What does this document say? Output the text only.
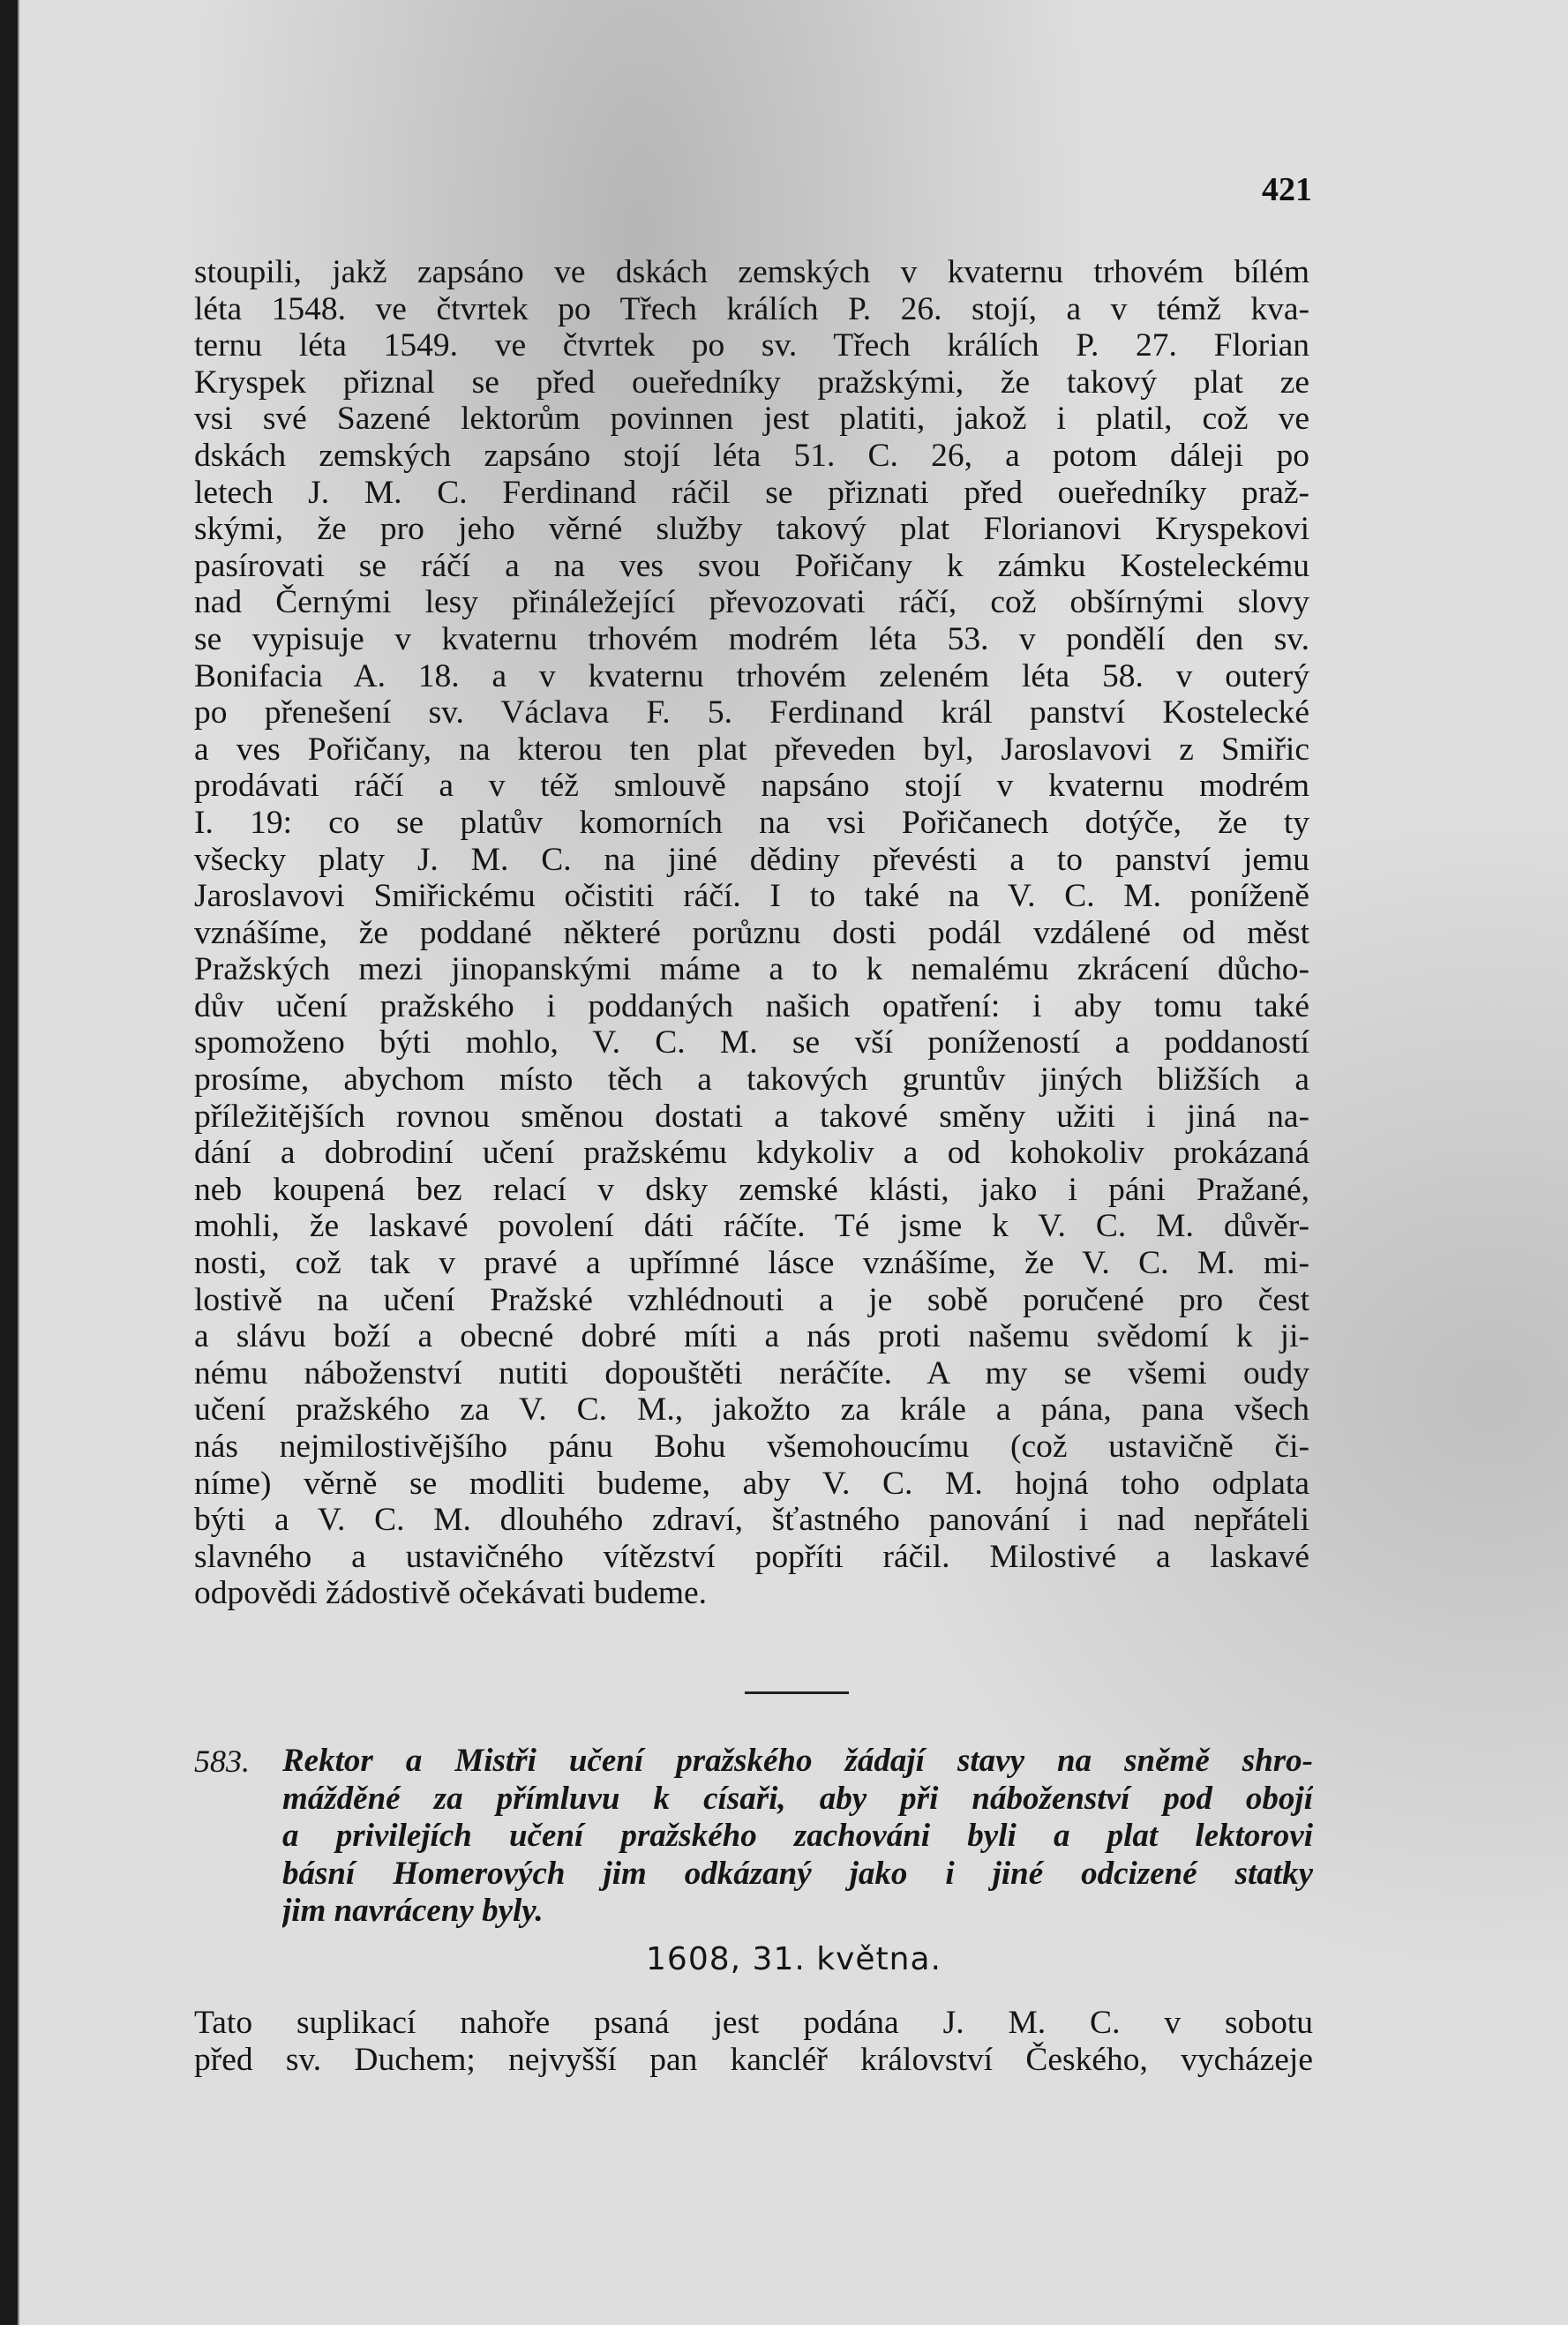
421
stoupili, jakž zapsáno ve dskách zemských v kvaternu trhovém bílém
léta 1548. ve čtvrtek po Třech králích P. 26. stojí, a v témž kva-
ternu léta 1549. ve čtvrtek po sv. Třech králích P. 27. Florian
Kryspek přiznal se před oueředníky pražskými, že takový plat ze
vsi své Sazené lektorům povinnen jest platiti, jakož i platil, což ve
dskách zemských zapsáno stojí léta 51. C. 26, a potom dáleji po
letech J. M. C. Ferdinand ráčil se přiznati před oueředníky praž-
skými, že pro jeho věrné služby takový plat Florianovi Kryspekovi
pasírovati se ráčí a na ves svou Pořičany k zámku Kosteleckému
nad Černými lesy přináležející převozovati ráčí, což obšírnými slovy
se vypisuje v kvaternu trhovém modrém léta 53. v pondělí den sv.
Bonifacia A. 18. a v kvaternu trhovém zeleném léta 58. v outerý
po přenešení sv. Václava F. 5. Ferdinand král panství Kostelecké
a ves Pořičany, na kterou ten plat převeden byl, Jaroslavovi z Smiřic
prodávati ráčí a v též smlouvě napsáno stojí v kvaternu modrém
I. 19: co se platův komorních na vsi Pořičanech dotýče, že ty
všecky platy J. M. C. na jiné dědiny převésti a to panství jemu
Jaroslavovi Smiřickému očistiti ráčí. I to také na V. C. M. poníženě
vznášíme, že poddané některé porůznu dosti podál vzdálené od měst
Pražských mezi jinopanskými máme a to k nemalému zkrácení důcho-
dův učení pražského i poddaných našich opatření: i aby tomu také
spomoženo býti mohlo, V. C. M. se vší ponížeností a poddaností
prosíme, abychom místo těch a takových gruntův jiných bližších a
příležitějších rovnou směnou dostati a takové směny užiti i jiná na-
dání a dobrodiní učení pražskému kdykoliv a od kohokoliv prokázaná
neb koupená bez relací v dsky zemské klásti, jako i páni Pražané,
mohli, že laskavé povolení dáti ráčíte. Té jsme k V. C. M. důvěr-
nosti, což tak v pravé a upřímné lásce vznášíme, že V. C. M. mi-
lostivě na učení Pražské vzhlédnouti a je sobě poručené pro čest
a slávu boží a obecné dobré míti a nás proti našemu svědomí k ji-
nému náboženství nutiti dopouštěti neráčíte. A my se všemi oudy
učení pražského za V. C. M., jakožto za krále a pána, pana všech
nás nejmilostivějšího pánu Bohu všemohoucímu (což ustavičně či-
níme) věrně se modliti budeme, aby V. C. M. hojná toho odplata
býti a V. C. M. dlouhého zdraví, šťastného panování i nad nepřáteli
slavného a ustavičného vítězství popříti ráčil. Milostivé a laskavé
odpovědi žádostivě očekávati budeme.
583. Rektor a Mistři učení pražského žádají stavy na sněmě shro-
mážděné za přímluvu k císaři, aby při náboženství pod obojí
a privilejích učení pražského zachováni byli a plat lektorovi
básní Homerových jim odkázaný jako i jiné odcizené statky
jim navráceny byly.
1608, 31. května.
Tato suplikací nahoře psaná jest podána J. M. C. v sobotu
před sv. Duchem; nejvyšší pan kancléř království Českého, vycházeje
